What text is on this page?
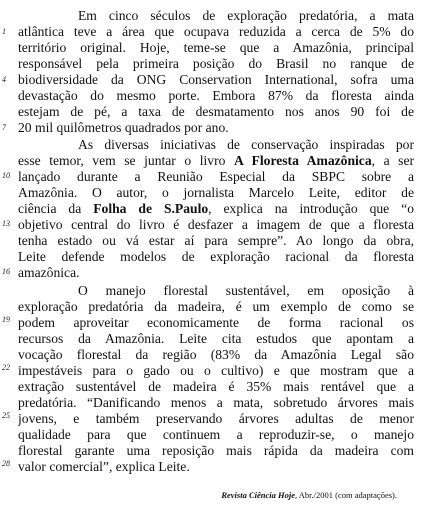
Em cinco séculos de exploração predatória, a mata
atlântica teve a área que ocupava reduzida a cerca de 5% do
território original. Hoje, teme-se que a Amazônia, principal
responsável pela primeira posição do Brasil no ranque de
biodiversidade da ONG Conservation International, sofra uma
devastação do mesmo porte. Embora 87% da floresta ainda
estejam de pé, a taxa de desmatamento nos anos 90 foi de
20 mil quilômetros quadrados por ano.
As diversas iniciativas de conservação inspiradas por
esse temor, vem se juntar o livro A Floresta Amazônica, a ser
lançado durante a Reunião Especial da SBPC sobre a
Amazônia. O autor, o jornalista Marcelo Leite, editor de
ciência da Folha de S.Paulo, explica na introdução que “o
objetivo central do livro é desfazer a imagem de que a floresta
tenha estado ou vá estar aí para sempre”. Ao longo da obra,
Leite defende modelos de exploração racional da floresta
amazônica.
O manejo florestal sustentável, em oposição à
exploração predatória da madeira, é um exemplo de como se
podem aproveitar economicamente de forma racional os
recursos da Amazônia. Leite cita estudos que apontam a
vocação florestal da região (83% da Amazônia Legal são
impestáveis para o gado ou o cultivo) e que mostram que a
extração sustentável de madeira é 35% mais rentável que a
predatória. “Danificando menos a mata, sobretudo árvores mais
jovens, e também preservando árvores adultas de menor
qualidade para que continuem a reproduzir-se, o manejo
florestal garante uma reposição mais rápida da madeira com
valor comercial”, explica Leite.
1
4
7
10
13
16
19
22
25
28
Revista Ciência Hoje, Abr./2001 (com adaptações).
